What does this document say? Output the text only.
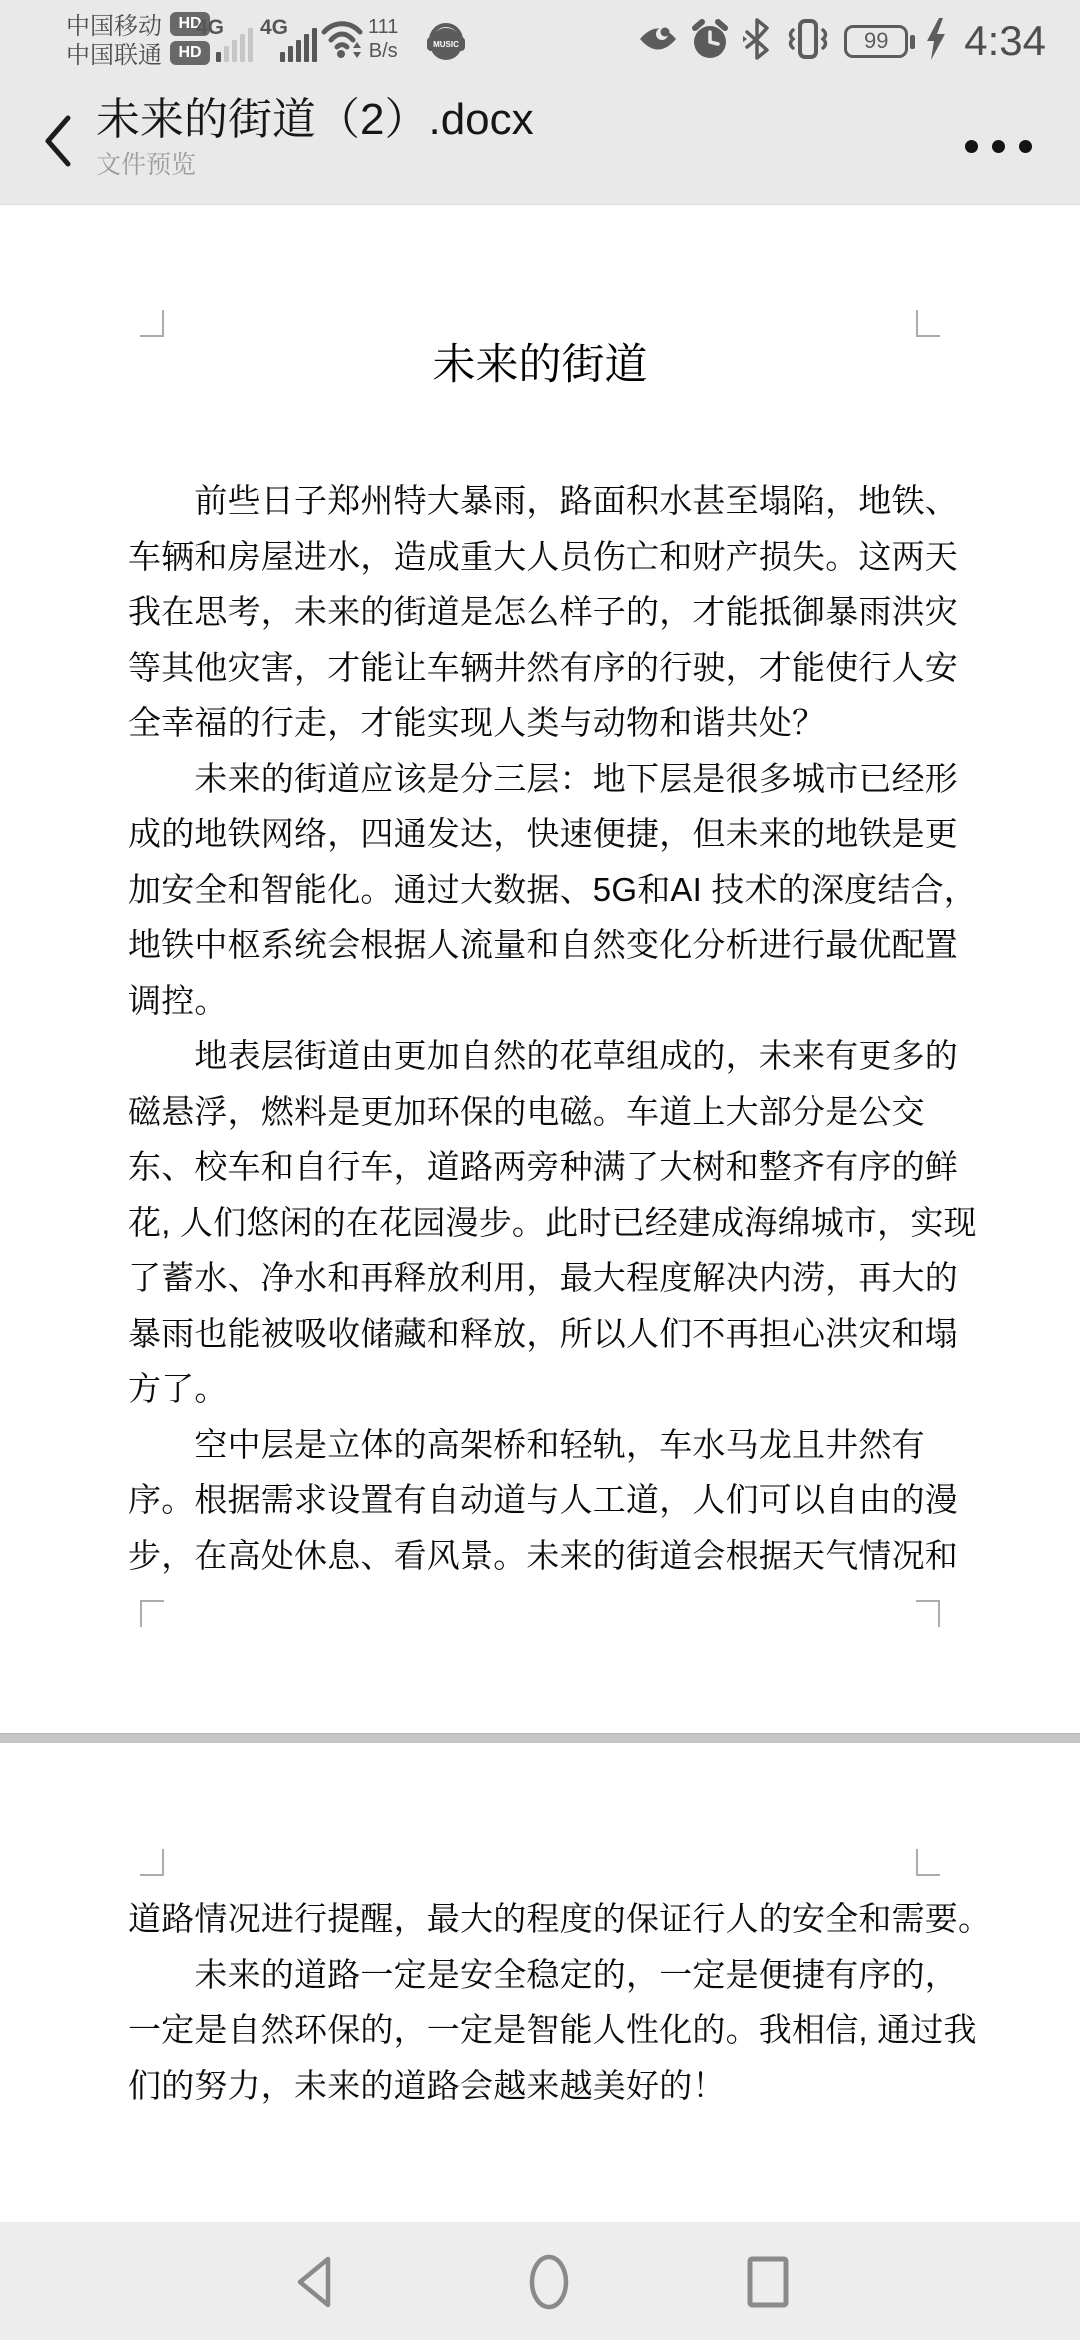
中国移动	HD
中国联通	HD
4G 4G	111
B/s	MUSIC	99 4:34
未来的街道（2）.docx
文件预览
未来的街道
　　前些日子郑州特大暴雨，路面积水甚至塌陷，地铁、
车辆和房屋进水，造成重大人员伤亡和财产损失。这两天
我在思考，未来的街道是怎么样子的，才能抵御暴雨洪灾
等其他灾害，才能让车辆井然有序的行驶，才能使行人安
全幸福的行走，才能实现人类与动物和谐共处？
　　未来的街道应该是分三层：地下层是很多城市已经形
成的地铁网络，四通发达，快速便捷，但未来的地铁是更
加安全和智能化。通过大数据、5G和AI 技术的深度结合，
地铁中枢系统会根据人流量和自然变化分析进行最优配置
调控。
　　地表层街道由更加自然的花草组成的，未来有更多的
磁悬浮，燃料是更加环保的电磁。车道上大部分是公交
东、校车和自行车，道路两旁种满了大树和整齐有序的鲜
花, 人们悠闲的在花园漫步。此时已经建成海绵城市，实现
了蓄水、净水和再释放利用，最大程度解决内涝，再大的
暴雨也能被吸收储藏和释放，所以人们不再担心洪灾和塌
方了。
　　空中层是立体的高架桥和轻轨，车水马龙且井然有
序。根据需求设置有自动道与人工道，人们可以自由的漫
步，在高处休息、看风景。未来的街道会根据天气情况和
道路情况进行提醒，最大的程度的保证行人的安全和需要。
　　未来的道路一定是安全稳定的，一定是便捷有序的，
一定是自然环保的，一定是智能人性化的。我相信, 通过我
们的努力，未来的道路会越来越美好的！
